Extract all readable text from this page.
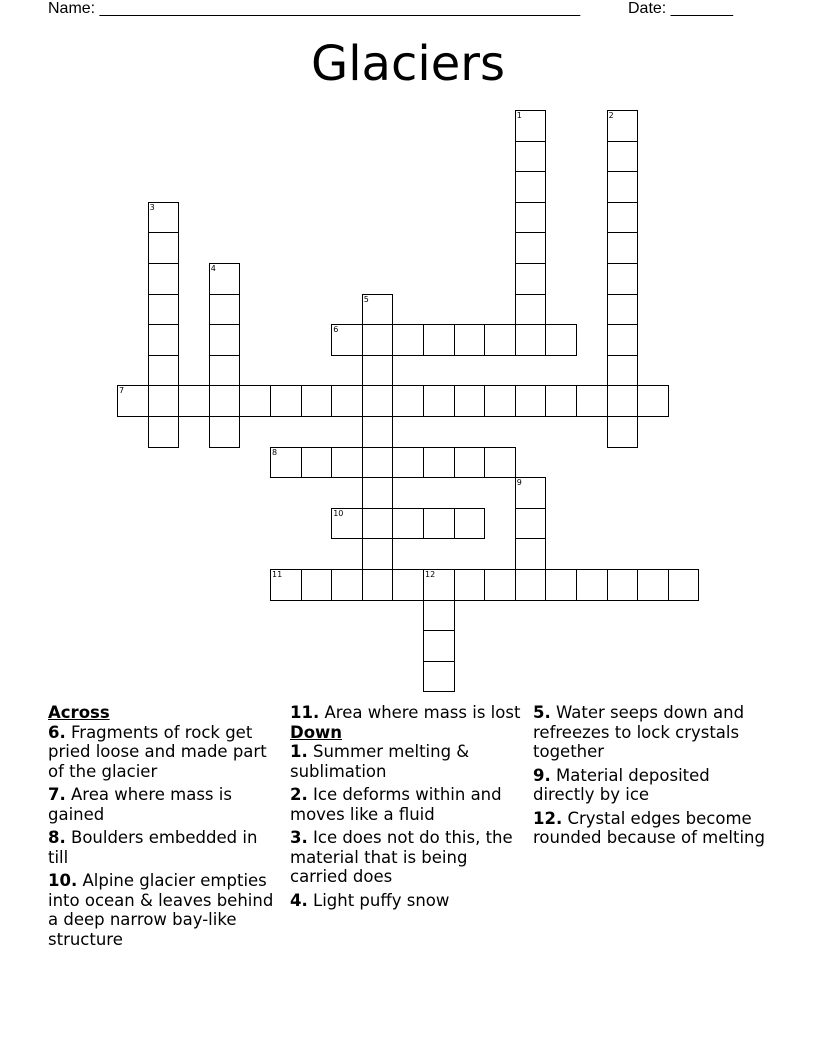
Name: ______________________________________________________	Date: _______
Glaciers
1	2
3
4
5
6
7
8
9
10
11	12
Across
6. Fragments of rock get pried loose and made part of the glacier
7. Area where mass is gained
8. Boulders embedded in till
10. Alpine glacier empties into ocean & leaves behind a deep narrow bay-like structure
11. Area where mass is lost
Down
1. Summer melting & sublimation
2. Ice deforms within and moves like a fluid
3. Ice does not do this, the material that is being carried does
4. Light puffy snow
5. Water seeps down and refreezes to lock crystals together
9. Material deposited directly by ice
12. Crystal edges become rounded because of melting
